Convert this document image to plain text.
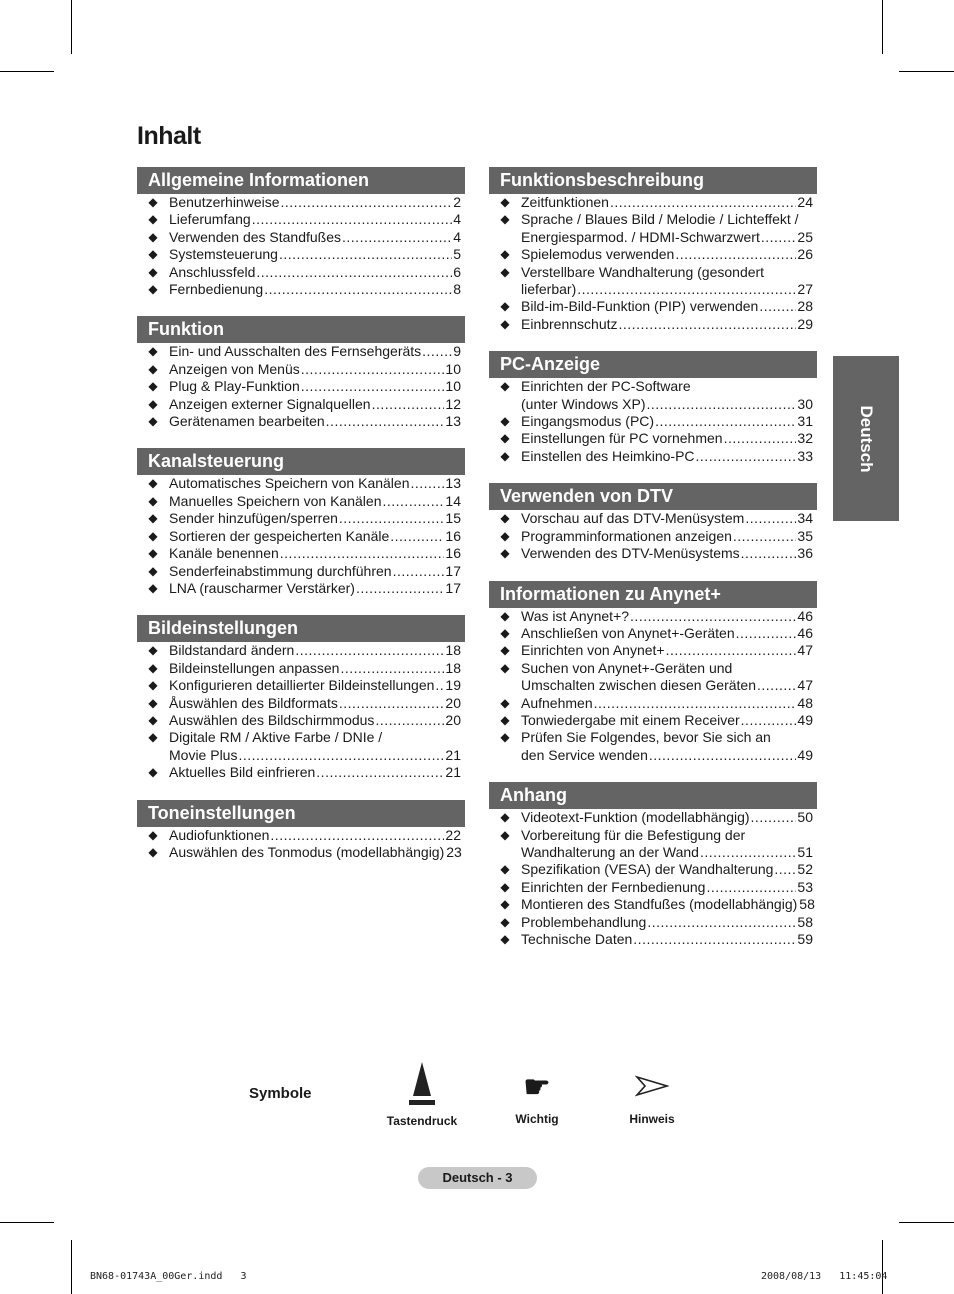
Inhalt
Allgemeine Informationen
◆ Benutzerhinweise .....	2
◆ Lieferumfang .....	4
◆ Verwenden des Standfußes .....	4
◆ Systemsteuerung .....	5
◆ Anschlussfeld .....	6
◆ Fernbedienung .....	8
Funktion
◆ Ein- und Ausschalten des Fernsehgeräts ..... 9
◆ Anzeigen von Menüs .....	10
◆ Plug & Play-Funktion .....	10
◆ Anzeigen externer Signalquellen .....	12
◆ Gerätenamen bearbeiten .....	13
Kanalsteuerung
◆ Automatisches Speichern von Kanälen .....	13
◆ Manuelles Speichern von Kanälen .....	14
◆ Sender hinzufügen/sperren .....	15
◆ Sortieren der gespeicherten Kanäle .....	16
◆ Kanäle benennen .....	16
◆ Senderfeinabstimmung durchführen .....	17
◆ LNA (rauscharmer Verstärker) .....	17
Bildeinstellungen
◆ Bildstandard ändern .....	18
◆ Bildeinstellungen anpassen .....	18
◆ Konfigurieren detaillierter Bildeinstellungen ..... 19
◆ Åuswählen des Bildformats .....	20
◆ Auswählen des Bildschirmmodus .....	20
◆ Digitale RM / Aktive Farbe / DNIe /
Movie Plus .....	21
◆ Aktuelles Bild einfrieren .....	21
Toneinstellungen
◆ Audiofunktionen .....	22
◆ Auswählen des Tonmodus (modellabhängig) 23
Funktionsbeschreibung
◆ Zeitfunktionen .....	24
◆ Sprache / Blaues Bild / Melodie / Lichteffekt /
Energiesparmod. / HDMI-Schwarzwert .....	25
◆ Spielemodus verwenden .....	26
◆ Verstellbare Wandhalterung (gesondert
lieferbar) .....	27
◆ Bild-im-Bild-Funktion (PIP) verwenden .....	28
◆ Einbrennschutz .....	29
PC-Anzeige
◆ Einrichten der PC-Software
(unter Windows XP) .....	30
◆ Eingangsmodus (PC) .....	31
◆ Einstellungen für PC vornehmen .....	32
◆ Einstellen des Heimkino-PC .....	33
Verwenden von DTV
◆ Vorschau auf das DTV-Menüsystem .....	34
◆ Programminformationen anzeigen .....	35
◆ Verwenden des DTV-Menüsystems .....	36
Informationen zu Anynet+
◆ Was ist Anynet+? .....	46
◆ Anschließen von Anynet+-Geräten .....	46
◆ Einrichten von Anynet+ .....	47
◆ Suchen von Anynet+-Geräten und
Umschalten zwischen diesen Geräten .....	47
◆ Aufnehmen .....	48
◆ Tonwiedergabe mit einem Receiver .....	49
◆ Prüfen Sie Folgendes, bevor Sie sich an
den Service wenden .....	49
Anhang
◆ Videotext-Funktion (modellabhängig) .....	50
◆ Vorbereitung für die Befestigung der
Wandhalterung an der Wand .....	51
◆ Spezifikation (VESA) der Wandhalterung ..... 52
◆ Einrichten der Fernbedienung .....	53
◆ Montieren des Standfußes (modellabhängig) 58
◆ Problembehandlung .....	58
◆ Technische Daten .....	59
Deutsch
Symbole
Tastendruck
☛
Wichtig	Hinweis
Deutsch - 3
BN68-01743A_00Ger.indd   3	2008/08/13   11:45:04
